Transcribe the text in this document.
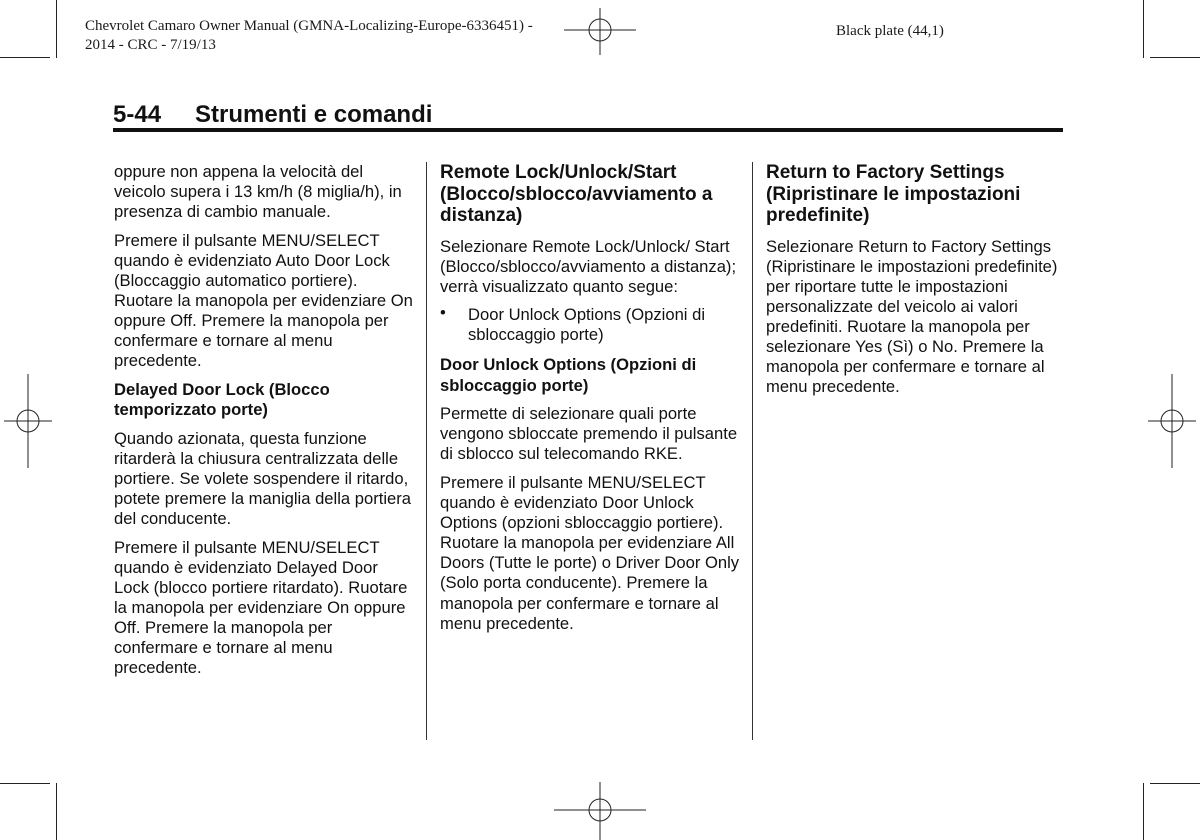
Chevrolet Camaro Owner Manual (GMNA-Localizing-Europe-6336451) -
2014 - CRC - 7/19/13
Black plate (44,1)
5-44 Strumenti e comandi

oppure non appena la velocità del veicolo supera i 13 km/h (8 miglia/h), in presenza di cambio manuale.

Premere il pulsante MENU/SELECT quando è evidenziato Auto Door Lock (Bloccaggio automatico portiere). Ruotare la manopola per evidenziare On oppure Off. Premere la manopola per confermare e tornare al menu precedente.

Delayed Door Lock (Blocco temporizzato porte)

Quando azionata, questa funzione ritarderà la chiusura centralizzata delle portiere. Se volete sospendere il ritardo, potete premere la maniglia della portiera del conducente.

Premere il pulsante MENU/SELECT quando è evidenziato Delayed Door Lock (blocco portiere ritardato). Ruotare la manopola per evidenziare On oppure Off. Premere la manopola per confermare e tornare al menu precedente.

Remote Lock/Unlock/Start (Blocco/sblocco/avviamento a distanza)

Selezionare Remote Lock/Unlock/ Start (Blocco/sblocco/avviamento a distanza); verrà visualizzato quanto segue:

• Door Unlock Options (Opzioni di sbloccaggio porte)
Door Unlock Options (Opzioni di sbloccaggio porte)

Permette di selezionare quali porte vengono sbloccate premendo il pulsante di sblocco sul telecomando RKE.

Premere il pulsante MENU/SELECT quando è evidenziato Door Unlock Options (opzioni sbloccaggio portiere). Ruotare la manopola per evidenziare All Doors (Tutte le porte) o Driver Door Only (Solo porta conducente). Premere la manopola per confermare e tornare al menu precedente.

Return to Factory Settings (Ripristinare le impostazioni predefinite)

Selezionare Return to Factory Settings (Ripristinare le impostazioni predefinite) per riportare tutte le impostazioni personalizzate del veicolo ai valori predefiniti. Ruotare la manopola per selezionare Yes (Sì) o No. Premere la manopola per confermare e tornare al menu precedente.
